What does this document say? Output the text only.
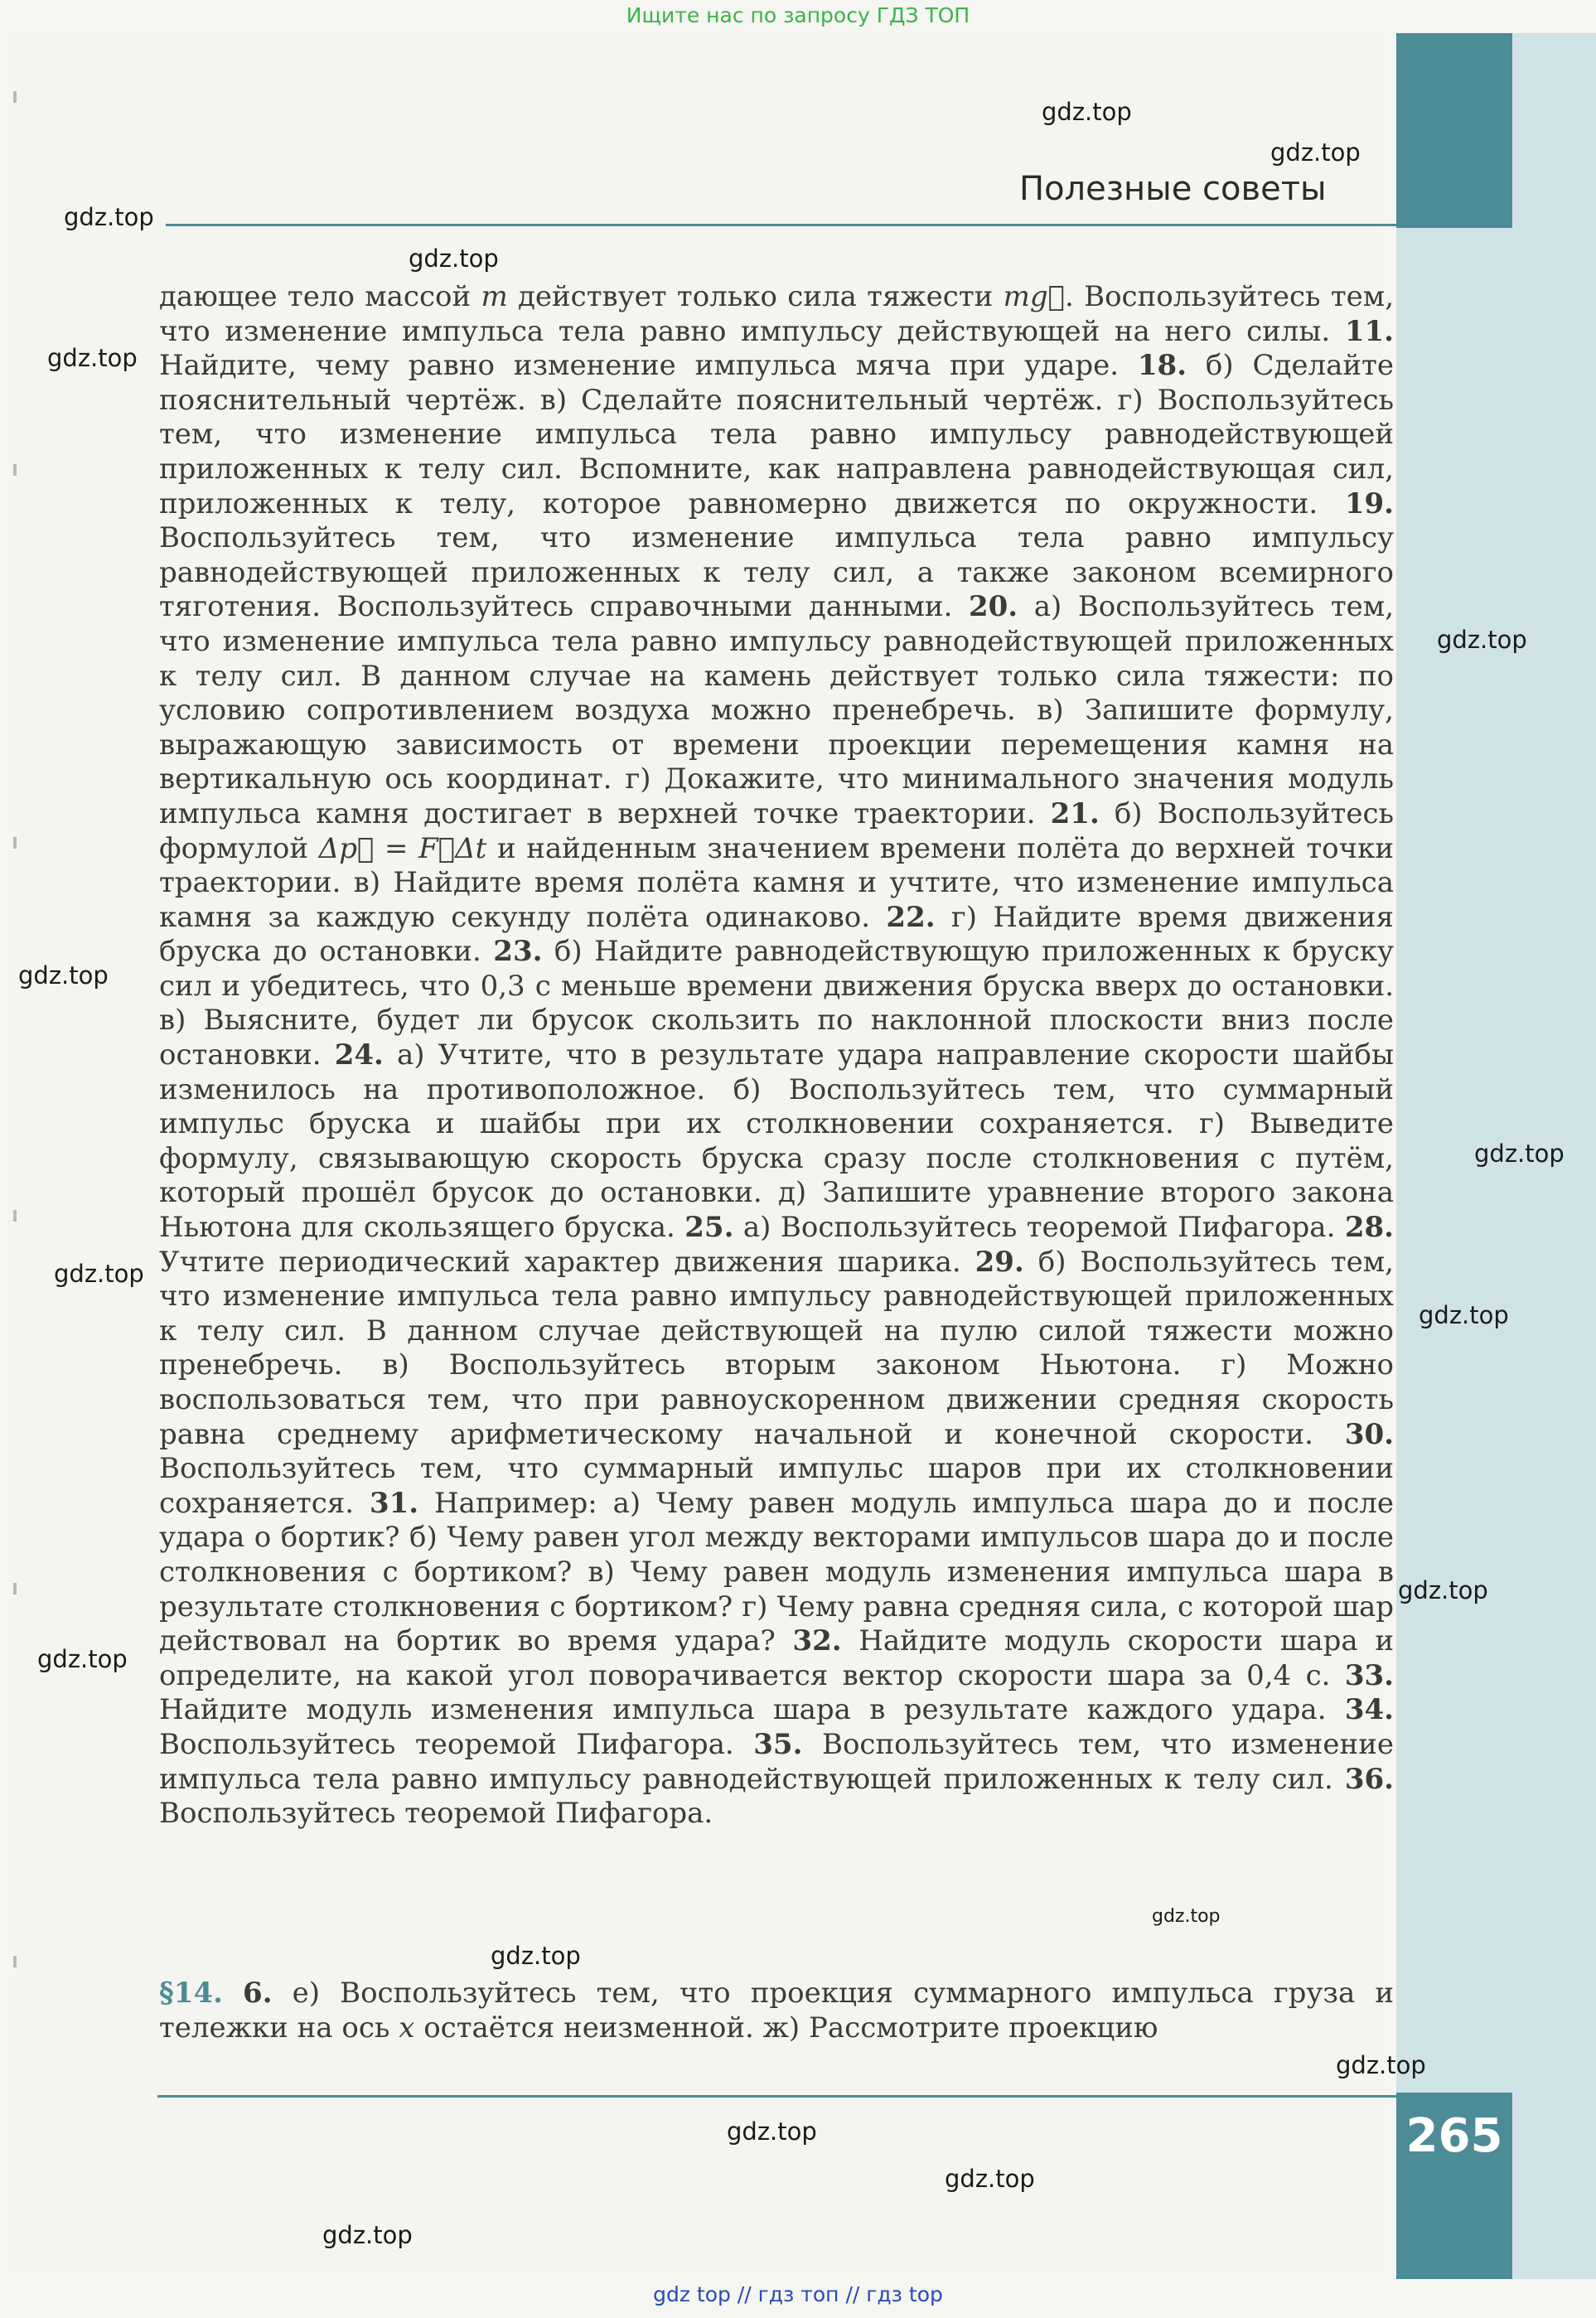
Ищите нас по запросу ГДЗ ТОП
Полезные советы

дающее тело массой m действует только сила тяжести mg⃗. Воспользуйтесь тем, что изменение импульса тела равно импульсу действующей на него силы. 11. Найдите, чему равно изменение импульса мяча при ударе. 18. б) Сделайте пояснительный чертёж. в) Сделайте пояснительный чертёж. г) Воспользуйтесь тем, что изменение импульса тела равно импульсу равнодействующей приложенных к телу сил. Вспомните, как направлена равнодействующая сил, приложенных к телу, которое равномерно движется по окружности. 19. Воспользуйтесь тем, что изменение импульса тела равно импульсу равнодействующей приложенных к телу сил, а также законом всемирного тяготения. Воспользуйтесь справочными данными. 20. а) Воспользуйтесь тем, что изменение импульса тела равно импульсу равнодействующей приложенных к телу сил. В данном случае на камень действует только сила тяжести: по условию сопротивлением воздуха можно пренебречь. в) Запишите формулу, выражающую зависимость от времени проекции перемещения камня на вертикальную ось координат. г) Докажите, что минимального значения модуль импульса камня достигает в верхней точке траектории. 21. б) Воспользуйтесь формулой Δp⃗ = F⃗Δt и найденным значением времени полёта до верхней точки траектории. в) Найдите время полёта камня и учтите, что изменение импульса камня за каждую секунду полёта одинаково. 22. г) Найдите время движения бруска до остановки. 23. б) Найдите равнодействующую приложенных к бруску сил и убедитесь, что 0,3 с меньше времени движения бруска вверх до остановки. в) Выясните, будет ли брусок скользить по наклонной плоскости вниз после остановки. 24. а) Учтите, что в результате удара направление скорости шайбы изменилось на противоположное. б) Воспользуйтесь тем, что суммарный импульс бруска и шайбы при их столкновении сохраняется. г) Выведите формулу, связывающую скорость бруска сразу после столкновения с путём, который прошёл брусок до остановки. д) Запишите уравнение второго закона Ньютона для скользящего бруска. 25. а) Воспользуйтесь теоремой Пифагора. 28. Учтите периодический характер движения шарика. 29. б) Воспользуйтесь тем, что изменение импульса тела равно импульсу равнодействующей приложенных к телу сил. В данном случае действующей на пулю силой тяжести можно пренебречь. в) Воспользуйтесь вторым законом Ньютона. г) Можно воспользоваться тем, что при равноускоренном движении средняя скорость равна среднему арифметическому начальной и конечной скорости. 30. Воспользуйтесь тем, что суммарный импульс шаров при их столкновении сохраняется. 31. Например: а) Чему равен модуль импульса шара до и после удара о бортик? б) Чему равен угол между векторами импульсов шара до и после столкновения с бортиком? в) Чему равен модуль изменения импульса шара в результате столкновения с бортиком? г) Чему равна средняя сила, с которой шар действовал на бортик во время удара? 32. Найдите модуль скорости шара и определите, на какой угол поворачивается вектор скорости шара за 0,4 с. 33. Найдите модуль изменения импульса шара в результате каждого удара. 34. Воспользуйтесь теоремой Пифагора. 35. Воспользуйтесь тем, что изменение импульса тела равно импульсу равнодействующей приложенных к телу сил. 36. Воспользуйтесь теоремой Пифагора.

§14. 6. е) Воспользуйтесь тем, что проекция суммарного импульса груза и тележки на ось x остаётся неизменной. ж) Рассмотрите проекцию

265
gdz.top
gdz.top
gdz.top
gdz.top
gdz.top
gdz.top
gdz.top
gdz.top
gdz.top
gdz.top
gdz.top
gdz.top
gdz.top
gdz.top
gdz.top
gdz.top
gdz.top
gdz.top
gdz top // гдз топ // гдз top
